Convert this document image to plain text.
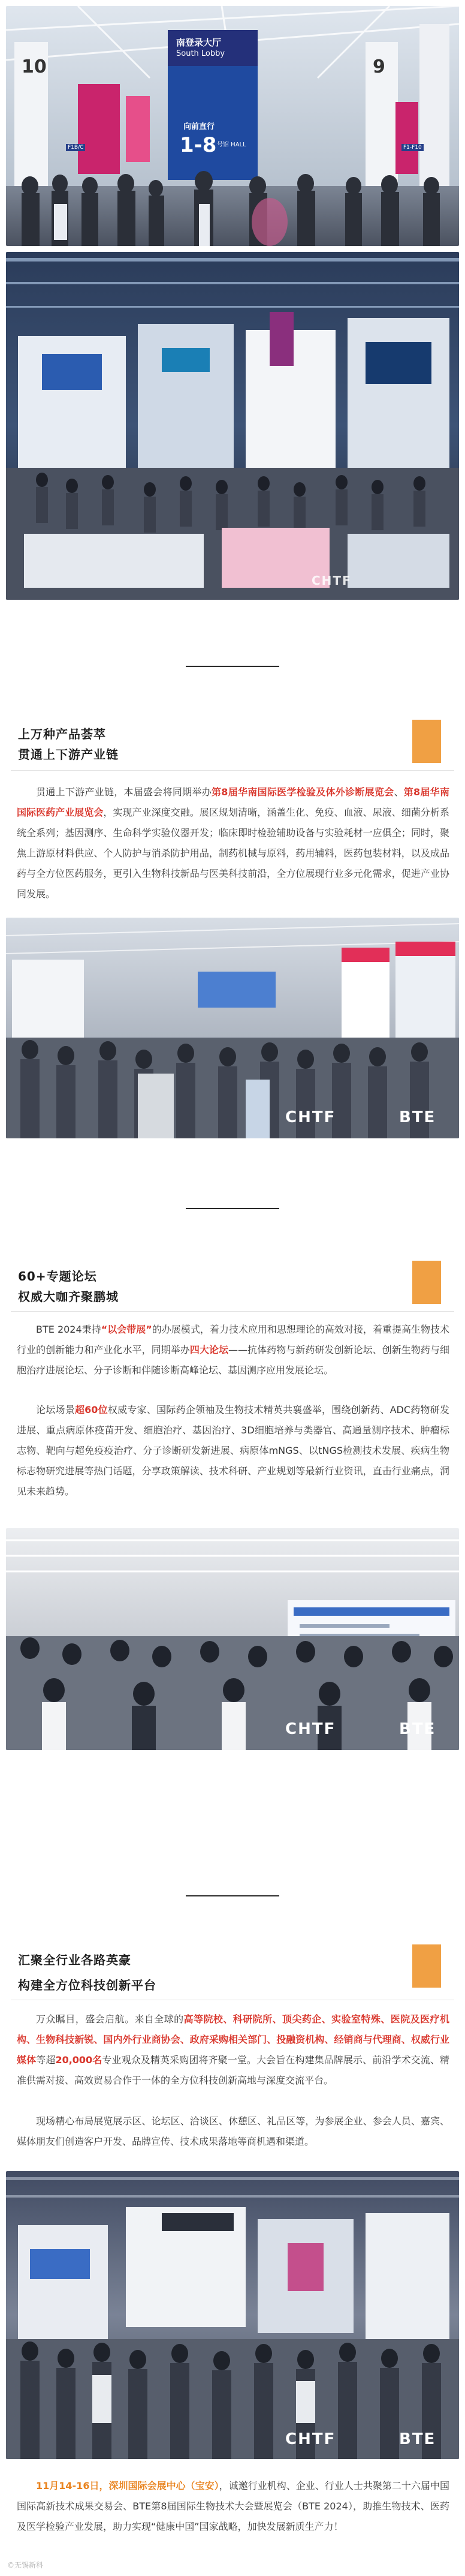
10	9
南登录大厅
South Lobby
向前直行
1-8 号馆 HALL
F1B/C	F1-F10
CHTF
上万种产品荟萃
贯通上下游产业链

贯通上下游产业链，本届盛会将同期举办第8届华南国际医学检验及体外诊断展览会、第8届华南国际医药产业展览会，实现产业深度交融。展区规划清晰，涵盖生化、免疫、血液、尿液、细菌分析系统全系列；基因测序、生命科学实验仪器开发；临床即时检验辅助设备与实验耗材一应俱全；同时，聚焦上游原材料供应、个人防护与消杀防护用品，制药机械与原料，药用辅料，医药包装材料，以及成品药与全方位医药服务，更引入生物科技新品与医美科技前沿，全方位展现行业多元化需求，促进产业协同发展。

CHTF	BTE
60+专题论坛
权威大咖齐聚鹏城

BTE 2024秉持“以会带展”的办展模式，着力技术应用和思想理论的高效对接，着重提高生物技术行业的创新能力和产业化水平，同期举办四大论坛——抗体药物与新药研发创新论坛、创新生物药与细胞治疗进展论坛、分子诊断和伴随诊断高峰论坛、基因测序应用发展论坛。

论坛场景超60位权威专家、国际药企领袖及生物技术精英共襄盛举，围绕创新药、ADC药物研发进展、重点病原体疫苗开发、细胞治疗、基因治疗、3D细胞培养与类器官、高通量测序技术、肿瘤标志物、靶向与超免疫疫治疗、分子诊断研发新进展、病原体mNGS、以tNGS检测技术发展、疾病生物标志物研究进展等热门话题，分享政策解读、技术科研、产业规划等最新行业资讯，直击行业痛点，洞见未来趋势。

CHTF	BTE
汇聚全行业各路英豪
构建全方位科技创新平台

万众瞩目，盛会启航。来自全球的高等院校、科研院所、顶尖药企、实验室特殊、医院及医疗机构、生物科技新锐、国内外行业商协会、政府采购相关部门、投融资机构、经销商与代理商、权威行业媒体等超20,000名专业观众及精英采购团将齐聚一堂。大会旨在构建集品牌展示、前沿学术交流、精准供需对接、高效贸易合作于一体的全方位科技创新高地与深度交流平台。

现场精心布局展览展示区、论坛区、洽谈区、休憩区、礼品区等，为参展企业、参会人员、嘉宾、媒体朋友们创造客户开发、品牌宣传、技术成果落地等商机遇和渠道。

CHTF	BTE

11月14-16日，深圳国际会展中心（宝安），诚邀行业机构、企业、行业人士共聚第二十六届中国国际高新技术成果交易会、BTE第8届国际生物技术大会暨展览会（BTE 2024），助推生物技术、医药及医学检验产业发展，助力实现“健康中国”国家战略，加快发展新质生产力！

©无锡新科
